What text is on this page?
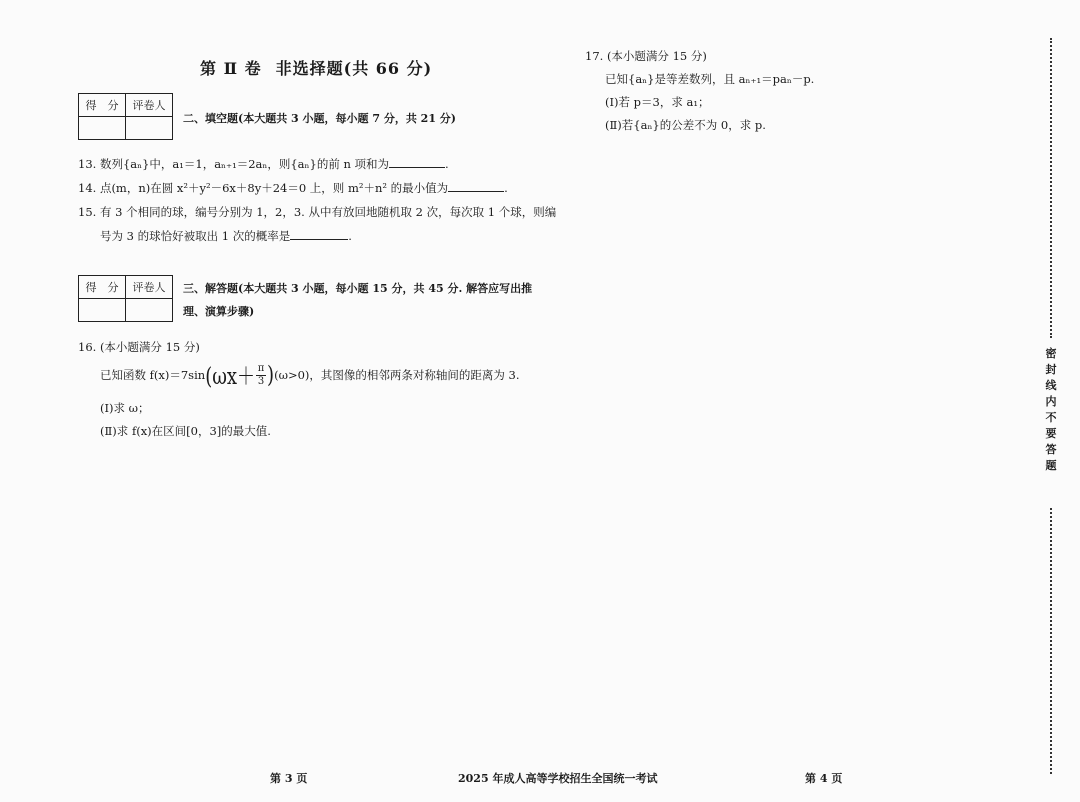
第 Ⅱ 卷 非选择题(共 66 分)
得　分	评卷人

二、填空题(本大题共 3 小题，每小题 7 分，共 21 分)
13. 数列{aₙ}中，a₁＝1，aₙ₊₁＝2aₙ，则{aₙ}的前 n 项和为	.
14. 点(m，n)在圆 x²＋y²－6x＋8y＋24＝0 上，则 m²＋n² 的最小值为	.
15. 有 3 个相同的球，编号分别为 1，2，3. 从中有放回地随机取 2 次，每次取 1 个球，则编
号为 3 的球恰好被取出 1 次的概率是	.
得　分	评卷人
	三、解答题(本大题共 3 小题，每小题 15 分，共 45 分. 解答应写出推
理、演算步骤)
16. (本小题满分 15 分)
已知函数 f(x)＝7sin ($\omega x+ \frac{\pi}{3}$ ) (ω>0)，其图像的相邻两条对称轴间的距离为 3.
(Ⅰ)求 ω；
(Ⅱ)求 f(x)在区间[0，3]的最大值.
17. (本小题满分 15 分)
已知{aₙ}是等差数列，且 aₙ₊₁＝paₙ－p.
(Ⅰ)若 p＝3，求 a₁；
(Ⅱ)若{aₙ}的公差不为 0，求 p.
密封线内不要答题
第 3 页	2025 年成人高等学校招生全国统一考试	第 4 页
